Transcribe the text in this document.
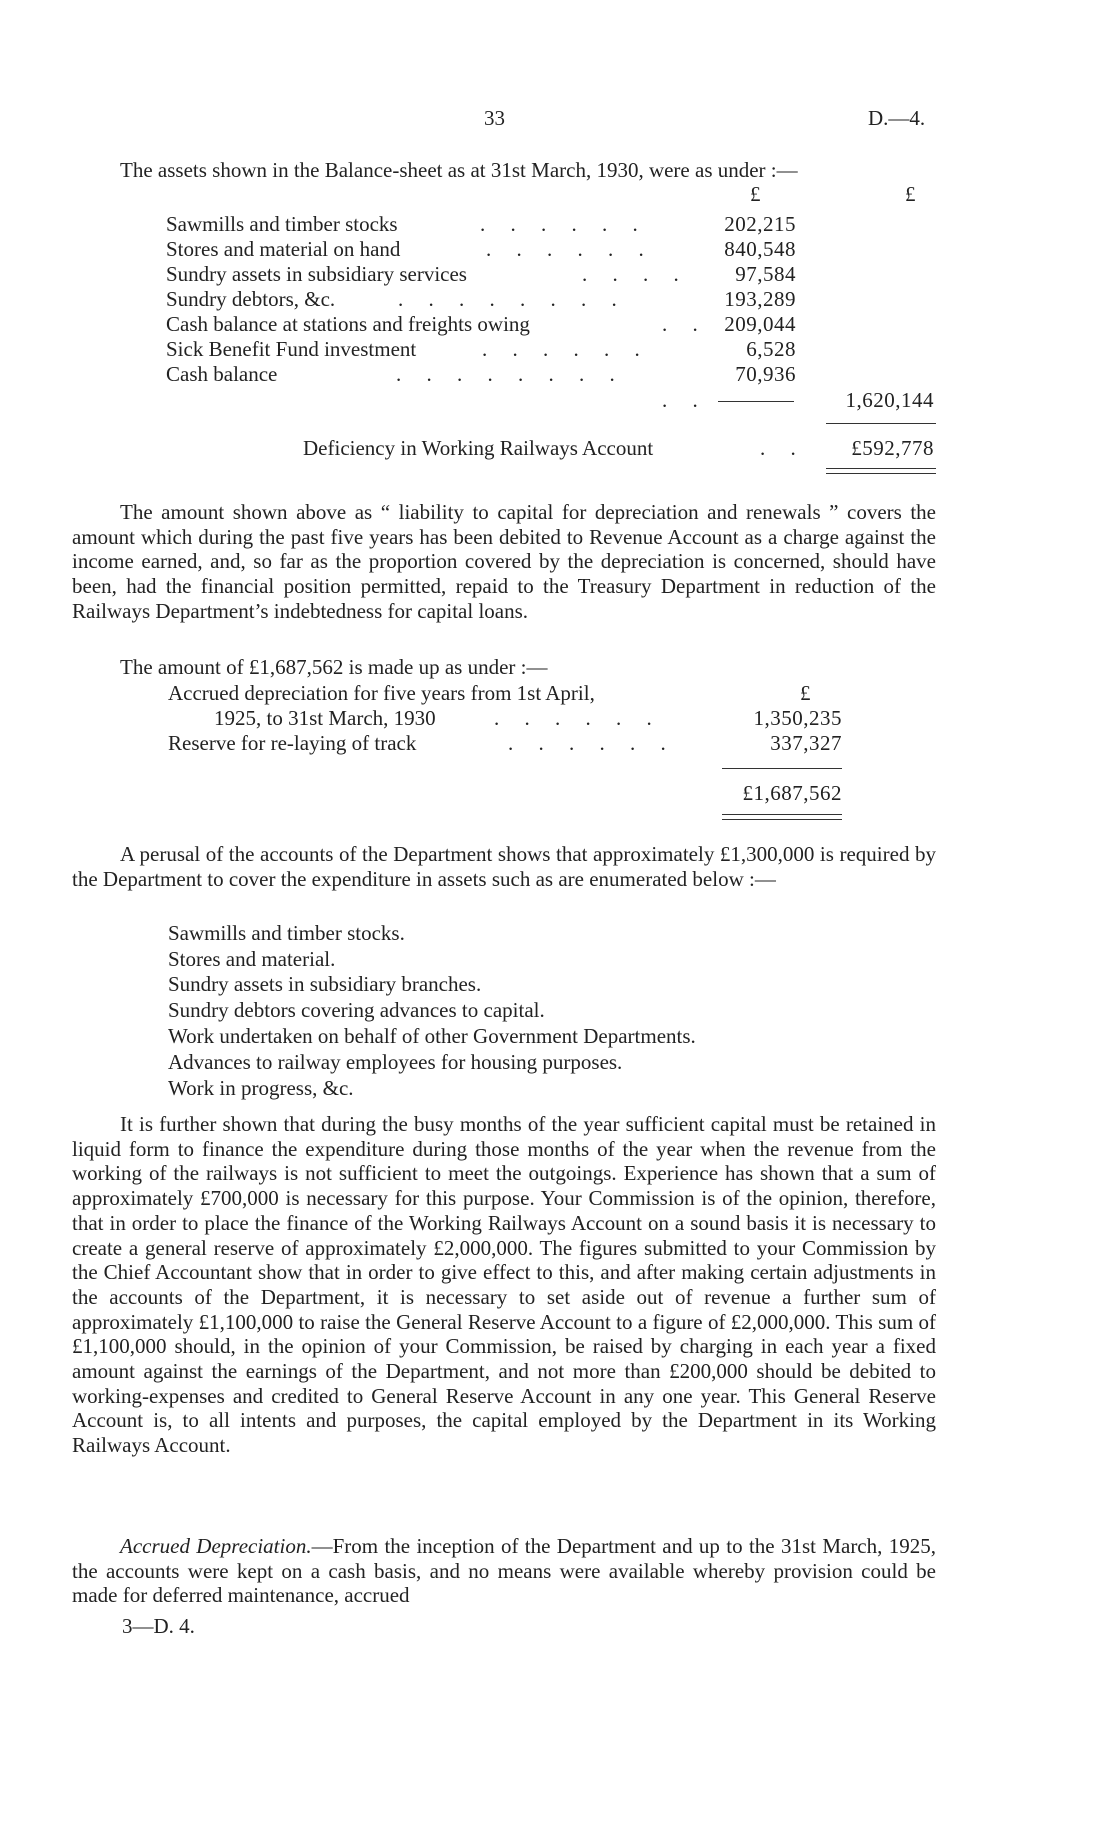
33	D.—4.
The assets shown in the Balance-sheet as at 31st March, 1930, were as under :—
£	£
Sawmills and timber stocks	. . . . . .	202,215
Stores and material on hand	. . . . . .	840,548
Sundry assets in subsidiary services	. . . . 97,584
Sundry debtors, &c.	. . . . . . . .	193,289
Cash balance at stations and freights owing	. . 209,044
Sick Benefit Fund investment	. . . . . .	6,528
Cash balance	. . . . . . . .	70,936
. .	1,620,144
Deficiency in Working Railways Account	. . £592,778
The amount shown above as “ liability to capital for depreciation and renewals ” covers the amount which during the past five years has been debited to Revenue Account as a charge against the income earned, and, so far as the proportion covered by the depreciation is concerned, should have been, had the financial position permitted, repaid to the Treasury Department in reduction of the Railways Department’s indebtedness for capital loans.
The amount of £1,687,562 is made up as under :—
Accrued depreciation for five years from 1st April,	£
1925, to 31st March, 1930	. . . . . .	1,350,235
Reserve for re-laying of track	. . . . . .	337,327
£1,687,562
A perusal of the accounts of the Department shows that approximately £1,300,000 is required by the Department to cover the expenditure in assets such as are enumerated below :—
Sawmills and timber stocks.
Stores and material.
Sundry assets in subsidiary branches.
Sundry debtors covering advances to capital.
Work undertaken on behalf of other Government Departments.
Advances to railway employees for housing purposes.
Work in progress, &c.
It is further shown that during the busy months of the year sufficient capital must be retained in liquid form to finance the expenditure during those months of the year when the revenue from the working of the railways is not sufficient to meet the outgoings. Experience has shown that a sum of approximately £700,000 is necessary for this purpose. Your Commission is of the opinion, therefore, that in order to place the finance of the Working Railways Account on a sound basis it is necessary to create a general reserve of approximately £2,000,000. The figures submitted to your Commission by the Chief Accountant show that in order to give effect to this, and after making certain adjustments in the accounts of the Department, it is necessary to set aside out of revenue a further sum of approximately £1,100,000 to raise the General Reserve Account to a figure of £2,000,000. This sum of £1,100,000 should, in the opinion of your Commission, be raised by charging in each year a fixed amount against the earnings of the Department, and not more than £200,000 should be debited to working-expenses and credited to General Reserve Account in any one year. This General Reserve Account is, to all intents and purposes, the capital employed by the Department in its Working Railways Account.
Accrued Depreciation.—From the inception of the Department and up to the 31st March, 1925, the accounts were kept on a cash basis, and no means were available whereby provision could be made for deferred maintenance, accrued
3—D. 4.
